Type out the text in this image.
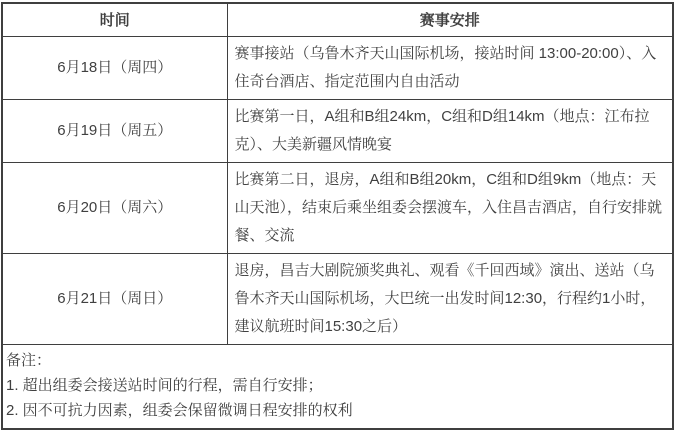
时间	赛事安排
6月18日（周四）	赛事接站（乌鲁木齐天山国际机场，接站时间 13:00-20:00）、入住奇台酒店、指定范围内自由活动
6月19日（周五）	比赛第一日，A组和B组24km，C组和D组14km（地点：江布拉克）、大美新疆风情晚宴
6月20日（周六）	比赛第二日，退房，A组和B组20km，C组和D组9km（地点：天山天池），结束后乘坐组委会摆渡车，入住昌吉酒店，自行安排就餐、交流
6月21日（周日）	退房，昌吉大剧院颁奖典礼、观看《千回西域》演出、送站（乌鲁木齐天山国际机场，大巴统一出发时间12:30，行程约1小时，建议航班时间15:30之后）

备注：
1. 超出组委会接送站时间的行程，需自行安排；
2. 因不可抗力因素，组委会保留微调日程安排的权利	
